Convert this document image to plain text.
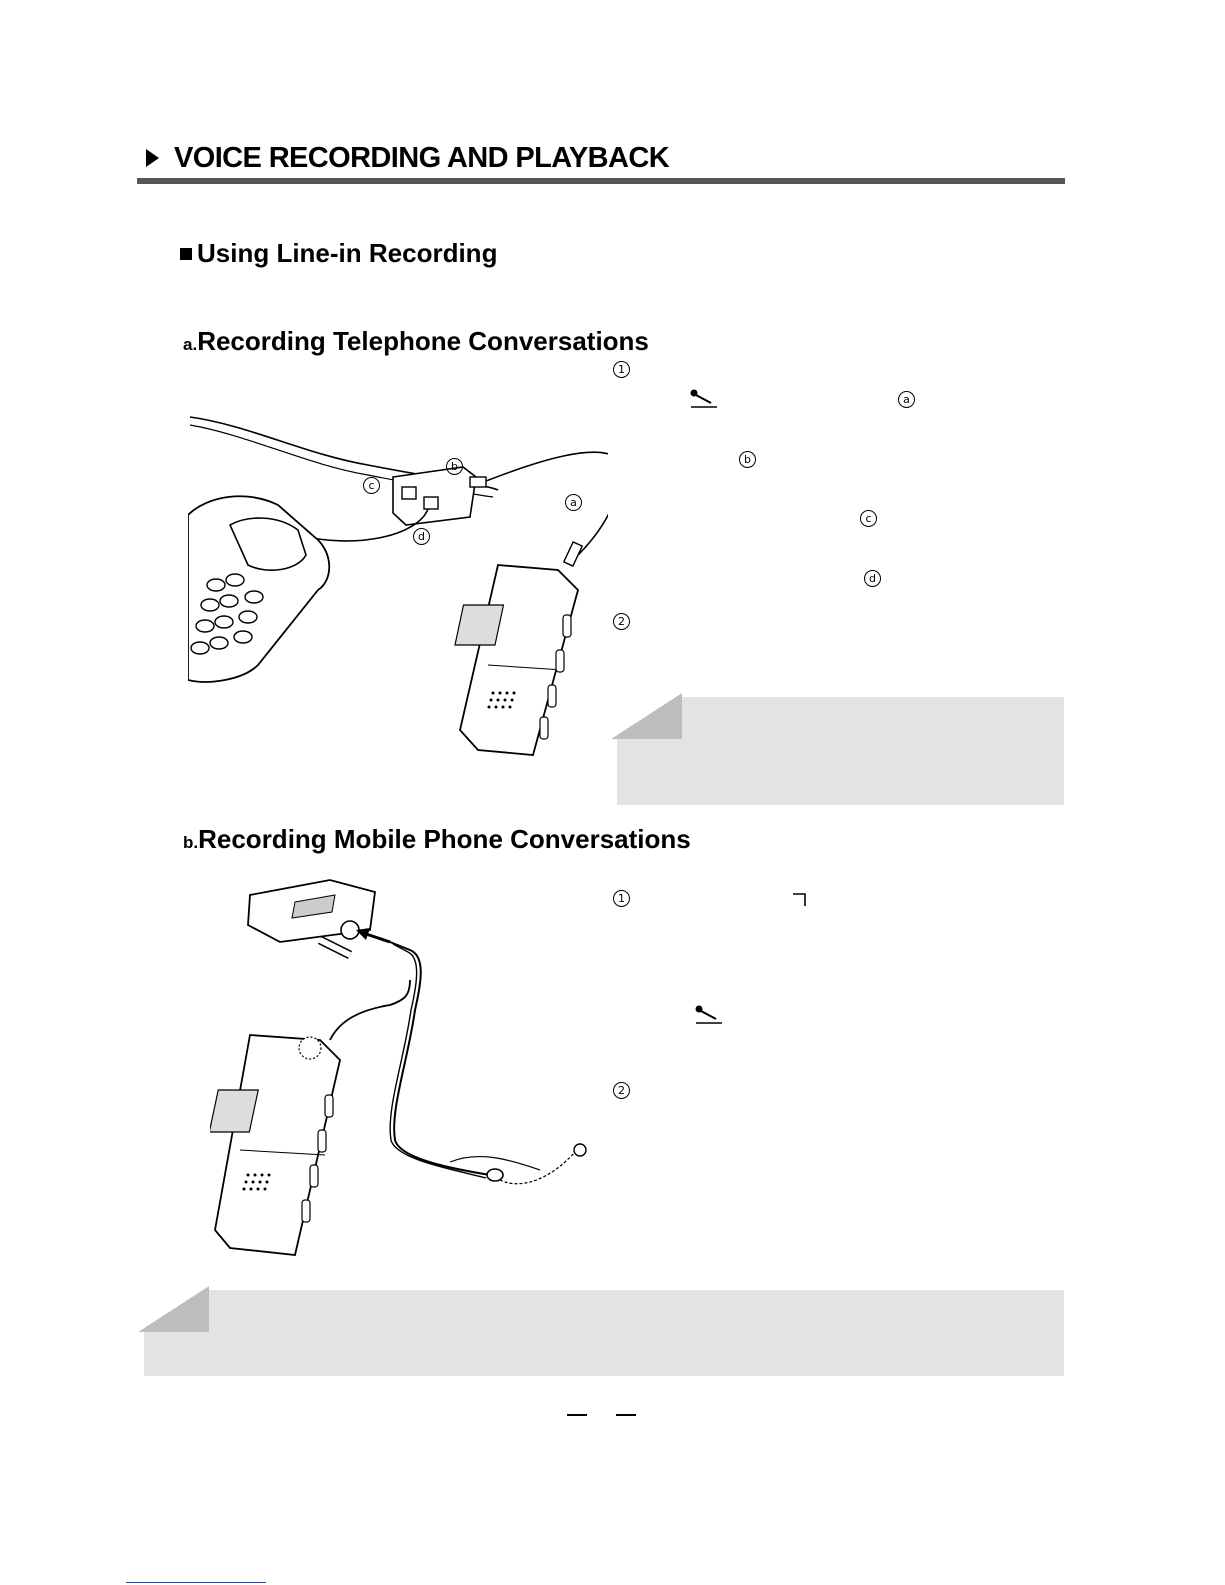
VOICE RECORDING AND PLAYBACK
Using Line-in Recording
a.Recording Telephone Conversations
c
b
a
d
1
a
b
c
d
2
b.Recording Mobile Phone Conversations
1
2
